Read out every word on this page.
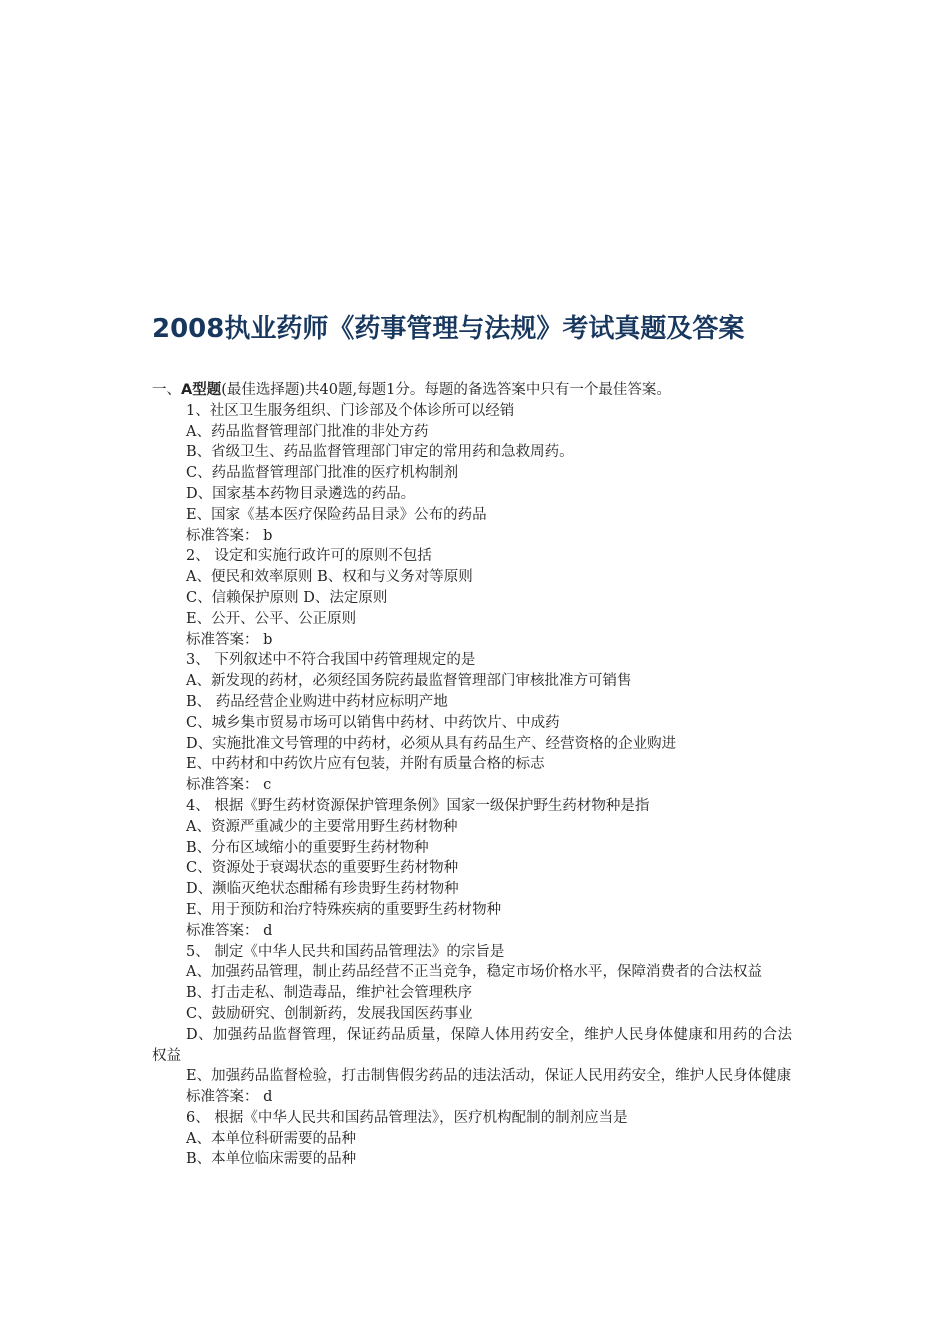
2008执业药师《药事管理与法规》考试真题及答案
一、A型题(最佳选择题)共40题,每题1分。每题的备选答案中只有一个最佳答案。
1、社区卫生服务组织、门诊部及个体诊所可以经销
A、药品监督管理部门批准的非处方药
B、省级卫生、药品监督管理部门审定的常用药和急救周药。
C、药品监督管理部门批准的医疗机构制剂
D、国家基本药物目录遴选的药品。
E、国家《基本医疗保险药品目录》公布的药品
标准答案： b
2、 设定和实施行政许可的原则不包括
A、便民和效率原则 B、权和与义务对等原则
C、信赖保护原则 D、法定原则
E、公开、公平、公正原则
标准答案： b
3、 下列叙述中不符合我国中药管理规定的是
A、新发现的药材，必须经国务院药最监督管理部门审核批准方可销售
B、 药品经营企业购进中药材应标明产地
C、城乡集市贸易市场可以销售中药材、中药饮片、中成药
D、实施批准文号管理的中药材，必须从具有药品生产、经营资格的企业购进
E、中药材和中药饮片应有包装，并附有质量合格的标志
标准答案： c
4、 根据《野生药材资源保护管理条例》国家一级保护野生药材物种是指
A、资源严重减少的主要常用野生药材物种
B、分布区域缩小的重要野生药材物种
C、资源处于衰竭状态的重要野生药材物种
D、濒临灭绝状态酣稀有珍贵野生药材物种
E、用于预防和治疗特殊疾病的重要野生药材物种
标准答案： d
5、 制定《中华人民共和国药品管理法》的宗旨是
A、加强药品管理，制止药品经营不正当竞争，稳定市场价格水平，保障消费者的合法权益
B、打击走私、制造毒品，维护社会管理秩序
C、鼓励研究、创制新药，发展我国医药事业
D、加强药品监督管理，保证药品质量，保障人体用药安全，维护人民身体健康和用药的合法权益
E、加强药品监督检验，打击制售假劣药品的违法活动，保证人民用药安全，维护人民身体健康
标准答案： d
6、 根据《中华人民共和国药品管理法》，医疗机构配制的制剂应当是
A、本单位科研需要的品种
B、本单位临床需要的品种
